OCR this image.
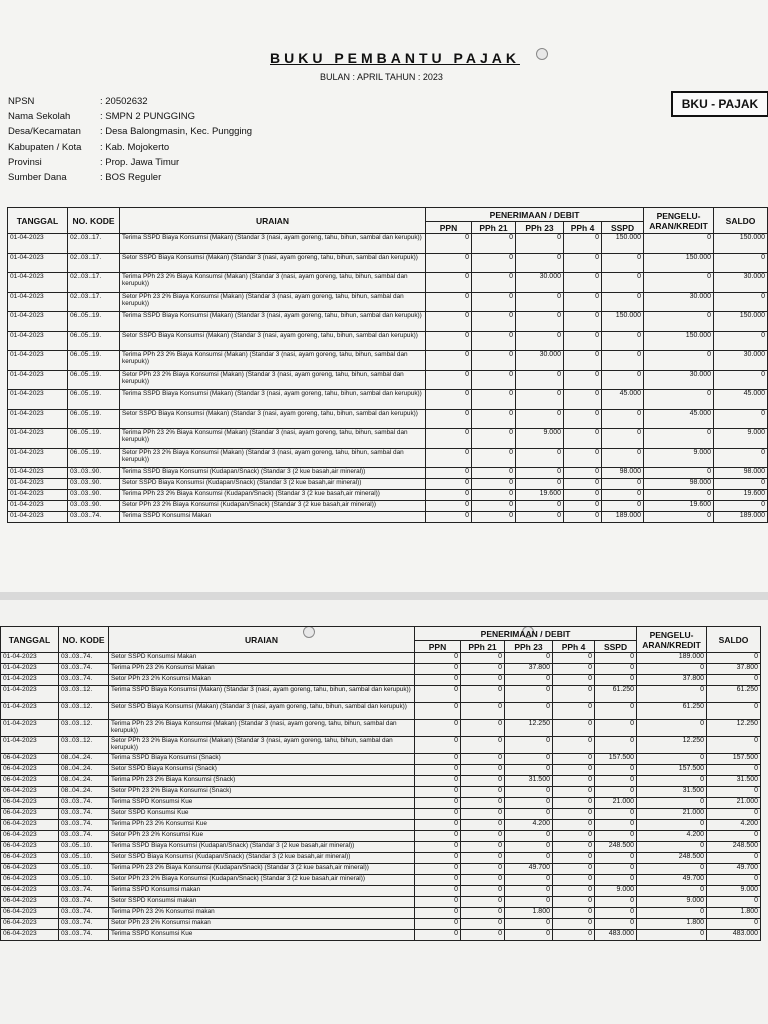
BUKU PEMBANTU PAJAK
BULAN : APRIL TAHUN : 2023
BKU - PAJAK
NPSN	: 20502632
Nama Sekolah	: SMPN 2 PUNGGING
Desa/Kecamatan : Desa Balongmasin, Kec. Pungging
Kabupaten / Kota : Kab. Mojokerto
Provinsi	: Prop. Jawa Timur
Sumber Dana	: BOS Reguler
TANGGAL	NO. KODE	URAIAN	PENERIMAAN / DEBIT					PENGELU-ARAN/KREDIT	SALDO
			PPN	PPh 21	PPh 23	PPh 4	SSPD		
01-04-2023	02..03..17.	Terima SSPD Biaya Konsumsi (Makan) (Standar 3 (nasi, ayam goreng, tahu, bihun, sambal dan kerupuk))	0	0	0	0	150.000	0	150.000
01-04-2023	02..03..17.	Setor SSPD Biaya Konsumsi (Makan) (Standar 3 (nasi, ayam goreng, tahu, bihun, sambal dan kerupuk))	0	0	0	0	0	150.000	0
01-04-2023	02..03..17.	Terima PPh 23 2% Biaya Konsumsi (Makan) (Standar 3 (nasi, ayam goreng, tahu, bihun, sambal dan kerupuk))	0	0	30.000	0	0	0	30.000
01-04-2023	02..03..17.	Setor PPh 23 2% Biaya Konsumsi (Makan) (Standar 3 (nasi, ayam goreng, tahu, bihun, sambal dan kerupuk))	0	0	0	0	0	30.000	0
01-04-2023	06..05..19.	Terima SSPD Biaya Konsumsi (Makan) (Standar 3 (nasi, ayam goreng, tahu, bihun, sambal dan kerupuk))	0	0	0	0	150.000	0	150.000
01-04-2023	06..05..19.	Setor SSPD Biaya Konsumsi (Makan) (Standar 3 (nasi, ayam goreng, tahu, bihun, sambal dan kerupuk))	0	0	0	0	0	150.000	0
01-04-2023	06..05..19.	Terima PPh 23 2% Biaya Konsumsi (Makan) (Standar 3 (nasi, ayam goreng, tahu, bihun, sambal dan kerupuk))	0	0	30.000	0	0	0	30.000
01-04-2023	06..05..19.	Setor PPh 23 2% Biaya Konsumsi (Makan) (Standar 3 (nasi, ayam goreng, tahu, bihun, sambal dan kerupuk))	0	0	0	0	0	30.000	0
01-04-2023	06..05..19.	Terima SSPD Biaya Konsumsi (Makan) (Standar 3 (nasi, ayam goreng, tahu, bihun, sambal dan kerupuk))	0	0	0	0	45.000	0	45.000
01-04-2023	06..05..19.	Setor SSPD Biaya Konsumsi (Makan) (Standar 3 (nasi, ayam goreng, tahu, bihun, sambal dan kerupuk))	0	0	0	0	0	45.000	0
01-04-2023	06..05..19.	Terima PPh 23 2% Biaya Konsumsi (Makan) (Standar 3 (nasi, ayam goreng, tahu, bihun, sambal dan kerupuk))	0	0	9.000	0	0	0	9.000
01-04-2023	06..05..19.	Setor PPh 23 2% Biaya Konsumsi (Makan) (Standar 3 (nasi, ayam goreng, tahu, bihun, sambal dan kerupuk))	0	0	0	0	0	9.000	0
01-04-2023	03..03..90.	Terima SSPD Biaya Konsumsi (Kudapan/Snack) (Standar 3 (2 kue basah,air mineral))	0	0	0	0	98.000	0	98.000
01-04-2023	03..03..90.	Setor SSPD Biaya Konsumsi (Kudapan/Snack) (Standar 3 (2 kue basah,air mineral))	0	0	0	0	0	98.000	0
01-04-2023	03..03..90.	Terima PPh 23 2% Biaya Konsumsi (Kudapan/Snack) (Standar 3 (2 kue basah,air mineral))	0	0	19.600	0	0	0	19.600
01-04-2023	03..03..90.	Setor PPh 23 2% Biaya Konsumsi (Kudapan/Snack) (Standar 3 (2 kue basah,air mineral))	0	0	0	0	0	19.600	0
01-04-2023	03..03..74.	Terima SSPD Konsumsi Makan	0	0	0	0	189.000	0	189.000
TANGGAL	NO. KODE	URAIAN	PENERIMAAN / DEBIT					PENGELU-ARAN/KREDIT	SALDO
			PPN	PPh 21	PPh 23	PPh 4	SSPD		
01-04-2023	03..03..74.	Setor SSPD Konsumsi Makan	0	0	0	0	0	189.000	0
01-04-2023	03..03..74.	Terima PPh 23 2% Konsumsi Makan	0	0	37.800	0	0	0	37.800
01-04-2023	03..03..74.	Setor PPh 23 2% Konsumsi Makan	0	0	0	0	0	37.800	0
01-04-2023	03..03..12.	Terima SSPD Biaya Konsumsi (Makan) (Standar 3 (nasi, ayam goreng, tahu, bihun, sambal dan kerupuk))	0	0	0	0	61.250	0	61.250
01-04-2023	03..03..12.	Setor SSPD Biaya Konsumsi (Makan) (Standar 3 (nasi, ayam goreng, tahu, bihun, sambal dan kerupuk))	0	0	0	0	0	61.250	0
01-04-2023	03..03..12.	Terima PPh 23 2% Biaya Konsumsi (Makan) (Standar 3 (nasi, ayam goreng, tahu, bihun, sambal dan kerupuk))	0	0	12.250	0	0	0	12.250
01-04-2023	03..03..12.	Setor PPh 23 2% Biaya Konsumsi (Makan) (Standar 3 (nasi, ayam goreng, tahu, bihun, sambal dan kerupuk))	0	0	0	0	0	12.250	0
06-04-2023	08..04..24.	Terima SSPD Biaya Konsumsi (Snack)	0	0	0	0	157.500	0	157.500
06-04-2023	08..04..24.	Setor SSPD Biaya Konsumsi (Snack)	0	0	0	0	0	157.500	0
06-04-2023	08..04..24.	Terima PPh 23 2% Biaya Konsumsi (Snack)	0	0	31.500	0	0	0	31.500
06-04-2023	08..04..24.	Setor PPh 23 2% Biaya Konsumsi (Snack)	0	0	0	0	0	31.500	0
06-04-2023	03..03..74.	Terima SSPD Konsumsi Kue	0	0	0	0	21.000	0	21.000
06-04-2023	03..03..74.	Setor SSPD Konsumsi Kue	0	0	0	0	0	21.000	0
06-04-2023	03..03..74.	Terima PPh 23 2% Konsumsi Kue	0	0	4.200	0	0	0	4.200
06-04-2023	03..03..74.	Setor PPh 23 2% Konsumsi Kue	0	0	0	0	0	4.200	0
06-04-2023	03..05..10.	Terima SSPD Biaya Konsumsi (Kudapan/Snack) (Standar 3 (2 kue basah,air mineral))	0	0	0	0	248.500	0	248.500
06-04-2023	03..05..10.	Setor SSPD Biaya Konsumsi (Kudapan/Snack) (Standar 3 (2 kue basah,air mineral))	0	0	0	0	0	248.500	0
06-04-2023	03..05..10.	Terima PPh 23 2% Biaya Konsumsi (Kudapan/Snack) (Standar 3 (2 kue basah,air mineral))	0	0	49.700	0	0	0	49.700
06-04-2023	03..05..10.	Setor PPh 23 2% Biaya Konsumsi (Kudapan/Snack) (Standar 3 (2 kue basah,air mineral))	0	0	0	0	0	49.700	0
06-04-2023	03..03..74.	Terima SSPD Konsumsi makan	0	0	0	0	9.000	0	9.000
06-04-2023	03..03..74.	Setor SSPD Konsumsi makan	0	0	0	0	0	9.000	0
06-04-2023	03..03..74.	Terima PPh 23 2% Konsumsi makan	0	0	1.800	0	0	0	1.800
06-04-2023	03..03..74.	Setor PPh 23 2% Konsumsi makan	0	0	0	0	0	1.800	0
06-04-2023	03..03..74.	Terima SSPD Konsumsi Kue	0	0	0	0	483.000	0	483.000
